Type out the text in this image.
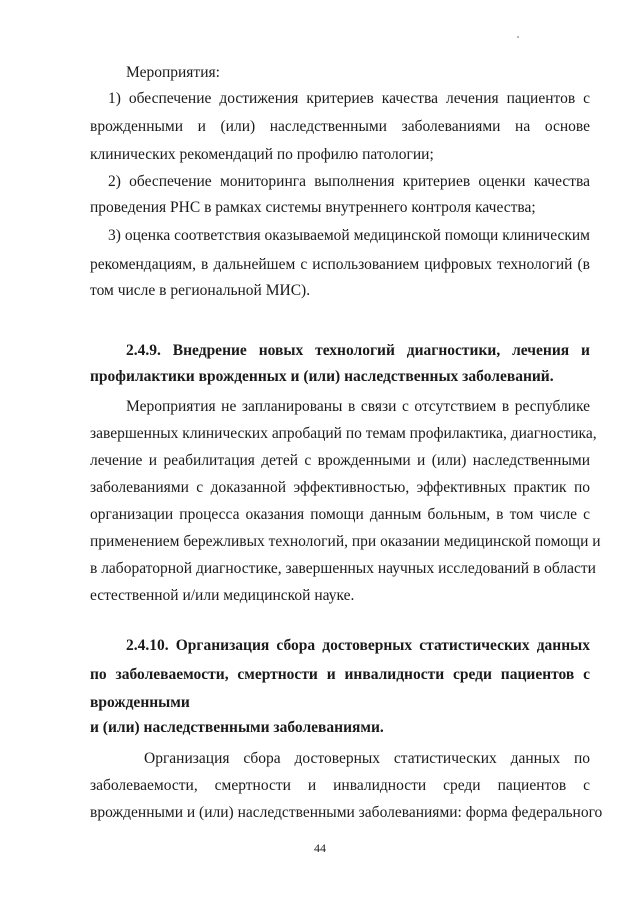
Мероприятия:
1) обеспечение достижения критериев качества лечения пациентов с
врожденными и (или) наследственными заболеваниями на основе
клинических рекомендаций по профилю патологии;
2) обеспечение мониторинга выполнения критериев оценки качества
проведения РНС в рамках системы внутреннего контроля качества;
3) оценка соответствия оказываемой медицинской помощи клиническим
рекомендациям, в дальнейшем с использованием цифровых технологий (в
том числе в региональной МИС).
2.4.9. Внедрение новых технологий диагностики, лечения и
профилактики врожденных и (или) наследственных заболеваний.
Мероприятия не запланированы в связи с отсутствием в республике
завершенных клинических апробаций по темам профилактика, диагностика,
лечение и реабилитация детей с врожденными и (или) наследственными
заболеваниями с доказанной эффективностью, эффективных практик по
организации процесса оказания помощи данным больным, в том числе с
применением бережливых технологий, при оказании медицинской помощи и
в лабораторной диагностике, завершенных научных исследований в области
естественной и/или медицинской науке.
2.4.10. Организация сбора достоверных статистических данных
по заболеваемости, смертности и инвалидности среди пациентов с
врожденными
и (или) наследственными заболеваниями.
Организация сбора достоверных статистических данных по
заболеваемости, смертности и инвалидности среди пациентов с
врожденными и (или) наследственными заболеваниями: форма федерального
44
